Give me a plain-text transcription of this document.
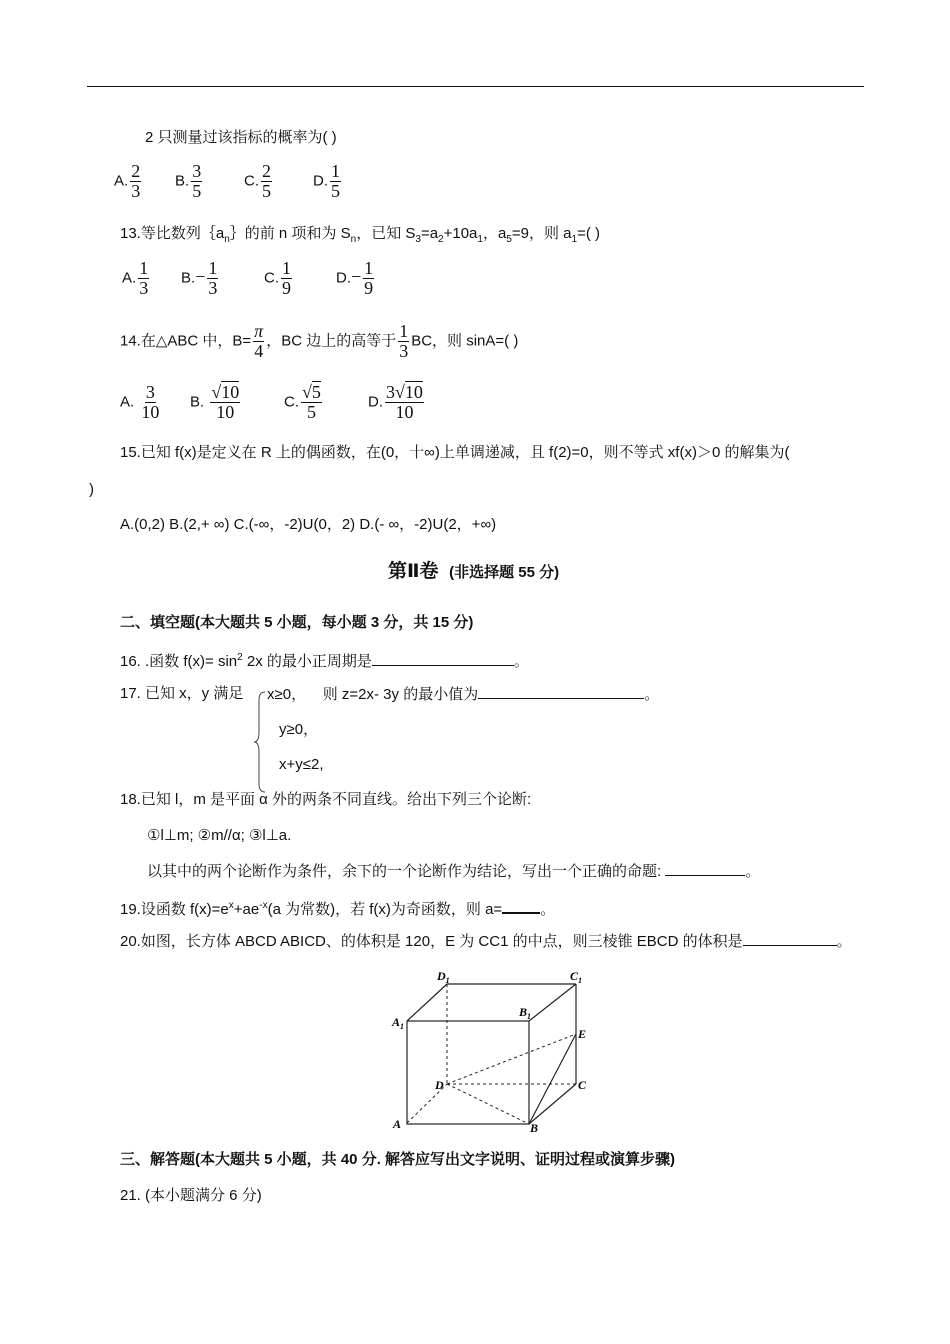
2 只测量过该指标的概率为( )
A. $\frac{2}{3} B$. $\frac{3}{5}$	C. $\frac{2}{5}$	D. $\frac{1}{5}$
13.等比数列$\{a_n\}$的前 n 项和为 $S_n$，已知 $S_3=a_2+10a_1$，$a_5=9$，则 $a_1=$( )
A. $\frac{1}{3} B.- \frac{1}{3}$	C. $\frac{1}{9}$	$D.- \frac{1}{9}$
14.在△ABC 中，$B= \frac{\pi}{4}$ ，BC 边上的高等于 $\frac{1}{3}$ BC，则 sinA=( )
A. $\frac{3}{10} B$. $\frac{√10}{10}$	C. $\frac{√5}{5}$	D. $\frac{3√10}{10}$
15.已知 f(x)是定义在 R 上的偶函数，在(0，十∞)上单调递减，且 f(2)=0，则不等式 xf(x)＞0 的解集为(
)
A.(0,2) B.(2,+ ∞) C.(-∞，-2)U(0，2) D.(- ∞，-2)U(2，+∞)
第Ⅱ卷 (非选择题 55 分)
二、填空题(本大题共 5 小题，每小题 3 分，共 15 分)
16. .函数 $f(x)= \sin^2 2x$ 的最小正周期是	。
17. 已知 x，y 满足 x≥0， 则 z=2x- 3y 的最小值为	。
y≥0，
x+y≤2,
18.已知 l，m 是平面 α 外的两条不同直线。给出下列三个论断:
①l⊥m; ②m//α; ③l⊥a.
以其中的两个论断作为条件，余下的一个论断作为结论，写出一个正确的命题:	。
19.设函数 $f(x)=e^x+ae^{-x}(a$ 为常数)，若 f(x)为奇函数，则 a=	。
20.如图，长方体 ABCD ABICD、的体积是 120，E 为 CC1 的中点，则三棱锥 EBCD 的体积是	。
$D_1$	$C_1$
$A_1$
$B_1$
E
D	C
A	B
三、解答题(本大题共 5 小题，共 40 分. 解答应写出文字说明、证明过程或演算步骤)
21. (本小题满分 6 分)
